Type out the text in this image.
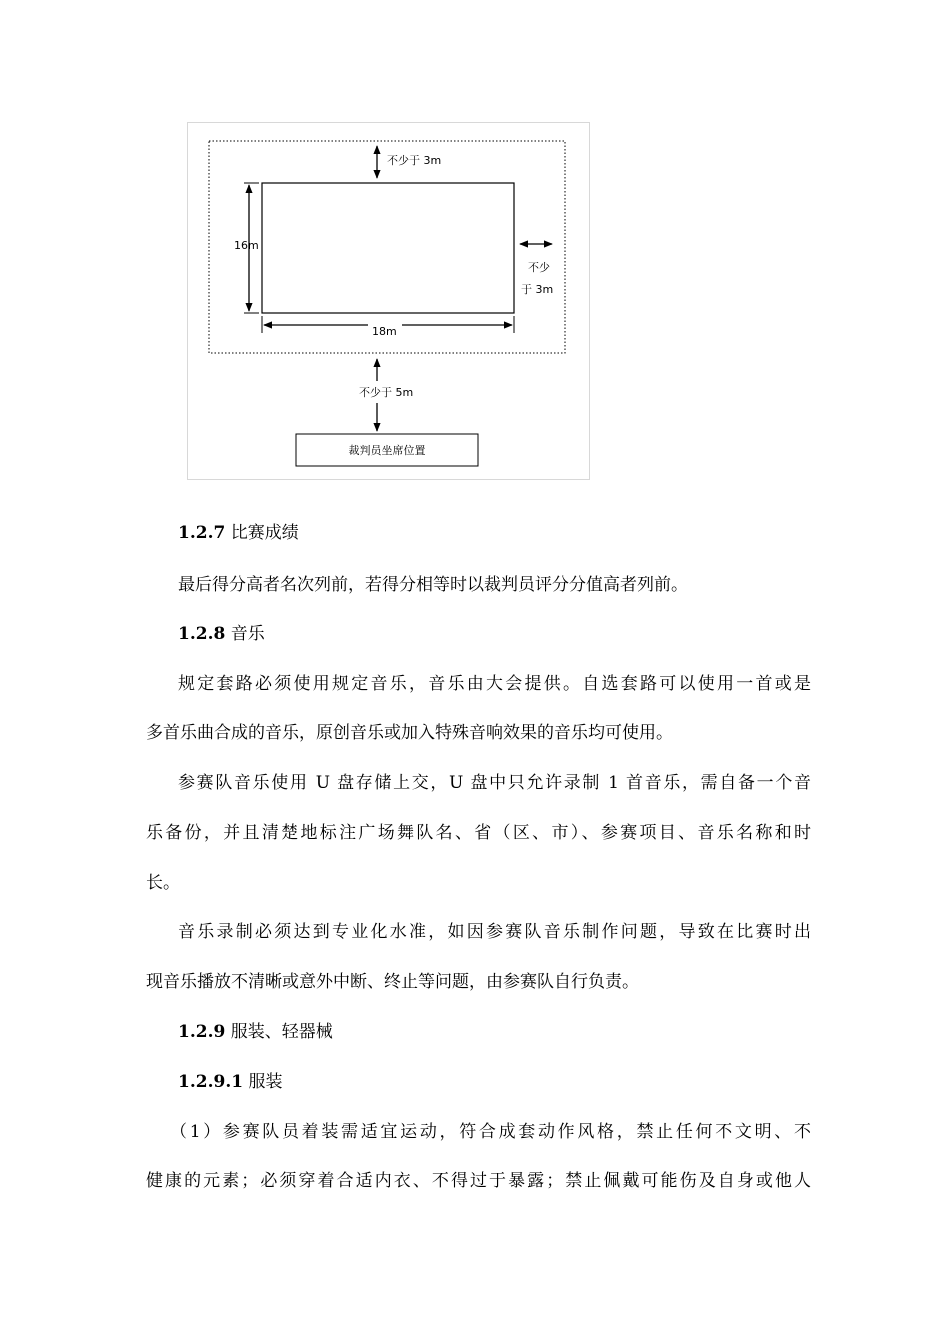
不少于 3m
16m
不少
于 3m
18m
不少于 5m
裁判员坐席位置
1.2.7 比赛成绩
最后得分高者名次列前，若得分相等时以裁判员评分分值高者列前。
1.2.8 音乐
规定套路必须使用规定音乐，音乐由大会提供。自选套路可以使用一首或是
多首乐曲合成的音乐，原创音乐或加入特殊音响效果的音乐均可使用。
参赛队音乐使用 U 盘存储上交，U 盘中只允许录制 1 首音乐，需自备一个音
乐备份，并且清楚地标注广场舞队名、省（区、市）、参赛项目、音乐名称和时
长。
音乐录制必须达到专业化水准，如因参赛队音乐制作问题，导致在比赛时出
现音乐播放不清晰或意外中断、终止等问题，由参赛队自行负责。
1.2.9 服装、轻器械
1.2.9.1 服装
（1）参赛队员着装需适宜运动，符合成套动作风格，禁止任何不文明、不
健康的元素；必须穿着合适内衣、不得过于暴露；禁止佩戴可能伤及自身或他人
